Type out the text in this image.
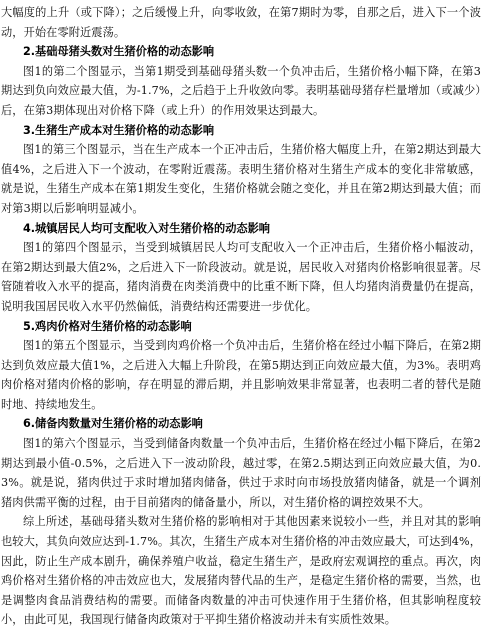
大幅度的上升（或下降）；之后缓慢上升，向零收敛，在第7期时为零，自那之后，进入下一个波动，开始在零附近震荡。

2.基础母猪头数对生猪价格的动态影响

图1的第二个图显示，当第1期受到基础母猪头数一个负冲击后，生猪价格小幅下降，在第3期达到负向效应最大值，为-1.7%，之后趋于上升收敛向零。表明基础母猪存栏量增加（或减少）后，在第3期体现出对价格下降（或上升）的作用效果达到最大。

3.生猪生产成本对生猪价格的动态影响

图1的第三个图显示，当在生产成本一个正冲击后，生猪价格大幅度上升，在第2期达到最大值4%，之后进入下一个波动，在零附近震荡。表明生猪价格对生猪生产成本的变化非常敏感，就是说，生猪生产成本在第1期发生变化，生猪价格就会随之变化，并且在第2期达到最大值；而对第3期以后影响明显减小。

4.城镇居民人均可支配收入对生猪价格的动态影响

图1的第四个图显示，当受到城镇居民人均可支配收入一个正冲击后，生猪价格小幅波动，在第2期达到最大值2%，之后进入下一阶段波动。就是说，居民收入对猪肉价格影响很显著。尽管随着收入水平的提高，猪肉消费在肉类消费中的比重不断下降，但人均猪肉消费量仍在提高，说明我国居民收入水平仍然偏低，消费结构还需要进一步优化。

5.鸡肉价格对生猪价格的动态影响

图1的第五个图显示，当受到肉鸡价格一个负冲击后，生猪价格在经过小幅下降后，在第2期达到负效应最大值1%，之后进入大幅上升阶段，在第5期达到正向效应最大值，为3%。表明鸡肉价格对猪肉价格的影响，存在明显的滞后期，并且影响效果非常显著，也表明二者的替代是随时地、持续地发生。

6.储备肉数量对生猪价格的动态影响

图1的第六个图显示，当受到储备肉数量一个负冲击后，生猪价格在经过小幅下降后，在第2期达到最小值-0.5%，之后进入下一波动阶段，越过零，在第2.5期达到正向效应最大值，为0.3%。就是说，猪肉供过于求时增加猪肉储备，供过于求时向市场投放猪肉储备，就是一个调剂猪肉供需平衡的过程，由于目前猪肉的储备量小，所以，对生猪价格的调控效果不大。

综上所述，基础母猪头数对生猪价格的影响相对于其他因素来说较小一些，并且对其的影响也较大，其负向效应达到-1.7%。其次，生猪生产成本对生猪价格的冲击效应最大，可达到4%，因此，防止生产成本剧升，确保养殖户收益，稳定生猪生产，是政府宏观调控的重点。再次，肉鸡价格对生猪价格的冲击效应也大，发展猪肉替代品的生产，是稳定生猪价格的需要，当然，也是调整肉食品消费结构的需要。而储备肉数量的冲击可快速作用于生猪价格，但其影响程度较小，由此可见，我国现行储备肉政策对于平抑生猪价格波动并未有实质性效果。
